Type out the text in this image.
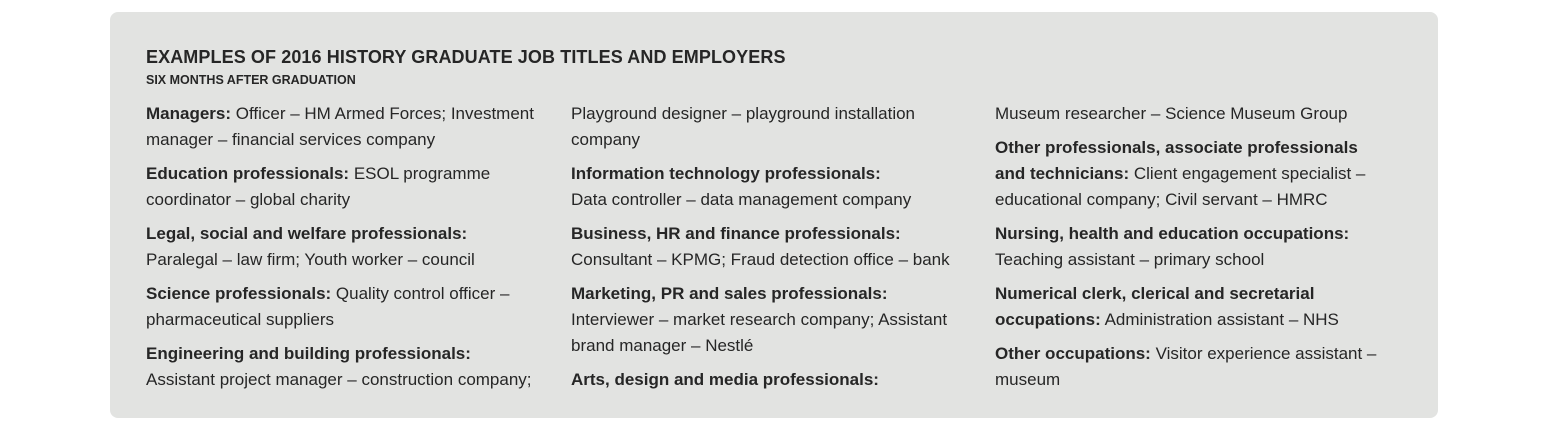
EXAMPLES OF 2016 HISTORY GRADUATE JOB TITLES AND EMPLOYERS
SIX MONTHS AFTER GRADUATION
Managers: Officer – HM Armed Forces; Investment
manager – financial services company
Education professionals: ESOL programme
coordinator – global charity
Legal, social and welfare professionals:
Paralegal – law firm; Youth worker – council
Science professionals: Quality control officer –
pharmaceutical suppliers
Engineering and building professionals:
Assistant project manager – construction company;
Playground designer – playground installation
company
Information technology professionals:
Data controller – data management company
Business, HR and finance professionals:
Consultant – KPMG; Fraud detection office – bank
Marketing, PR and sales professionals:
Interviewer – market research company; Assistant
brand manager – Nestlé
Arts, design and media professionals:
Museum researcher – Science Museum Group
Other professionals, associate professionals
and technicians: Client engagement specialist –
educational company; Civil servant – HMRC
Nursing, health and education occupations:
Teaching assistant – primary school
Numerical clerk, clerical and secretarial
occupations: Administration assistant – NHS
Other occupations: Visitor experience assistant –
museum
